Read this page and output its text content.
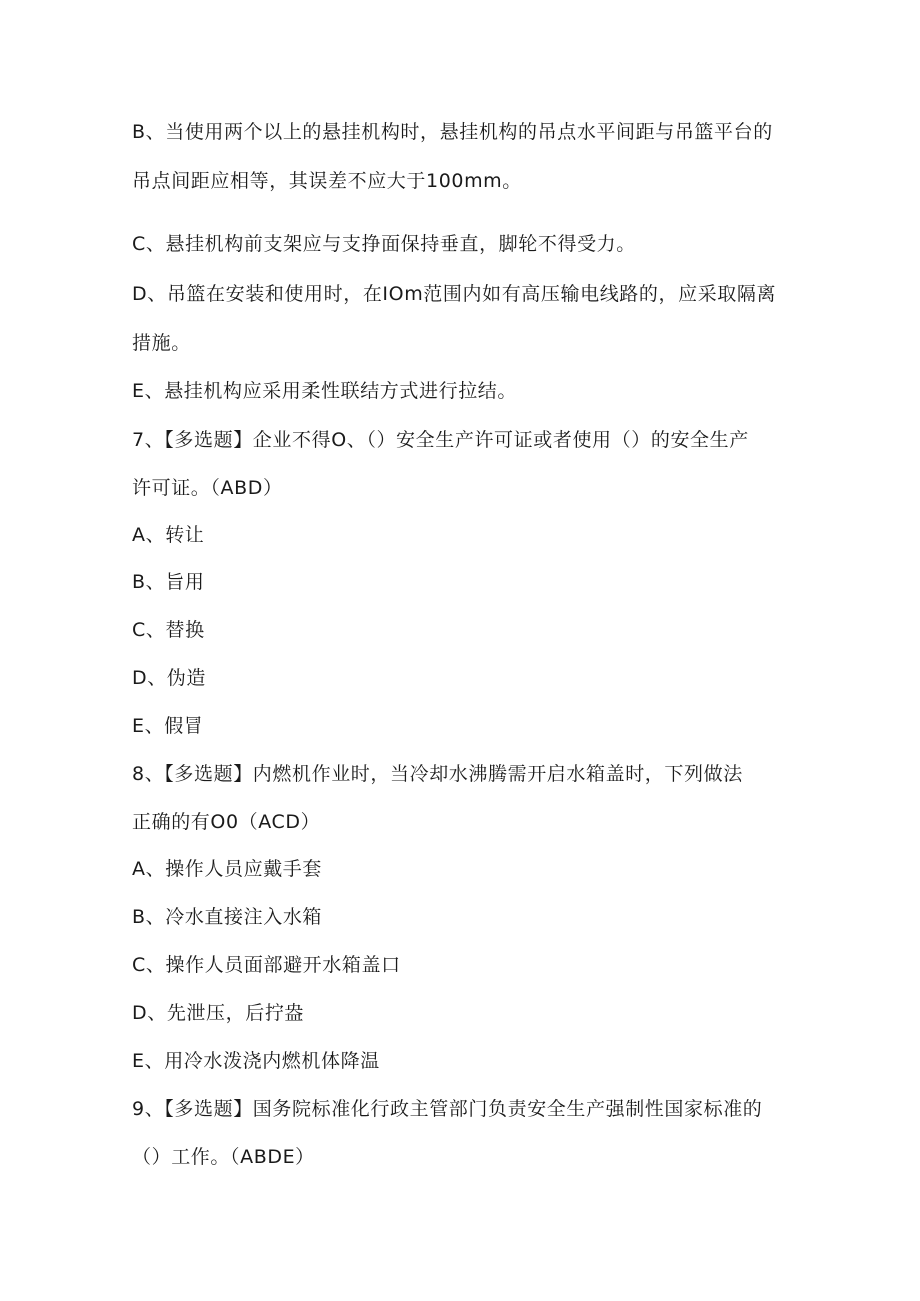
B、当使用两个以上的悬挂机构时，悬挂机构的吊点水平间距与吊篮平台的
吊点间距应相等，其误差不应大于100mm。
C、悬挂机构前支架应与支挣面保持垂直，脚轮不得受力。
D、吊篮在安装和使用时，在IOm范围内如有高压输电线路的，应采取隔离
措施。
E、悬挂机构应采用柔性联结方式进行拉结。
7、【多选题】企业不得O、（）安全生产许可证或者使用（）的安全生产
许可证。（ABD）
A、转让
B、旨用
C、替换
D、伪造
E、假冒
8、【多选题】内燃机作业时，当冷却水沸腾需开启水箱盖时，下列做法
正确的有O0（ACD）
A、操作人员应戴手套
B、冷水直接注入水箱
C、操作人员面部避开水箱盖口
D、先泄压，后拧盎
E、用冷水泼浇内燃机体降温
9、【多选题】国务院标准化行政主管部门负责安全生产强制性国家标准的
（）工作。（ABDE）
